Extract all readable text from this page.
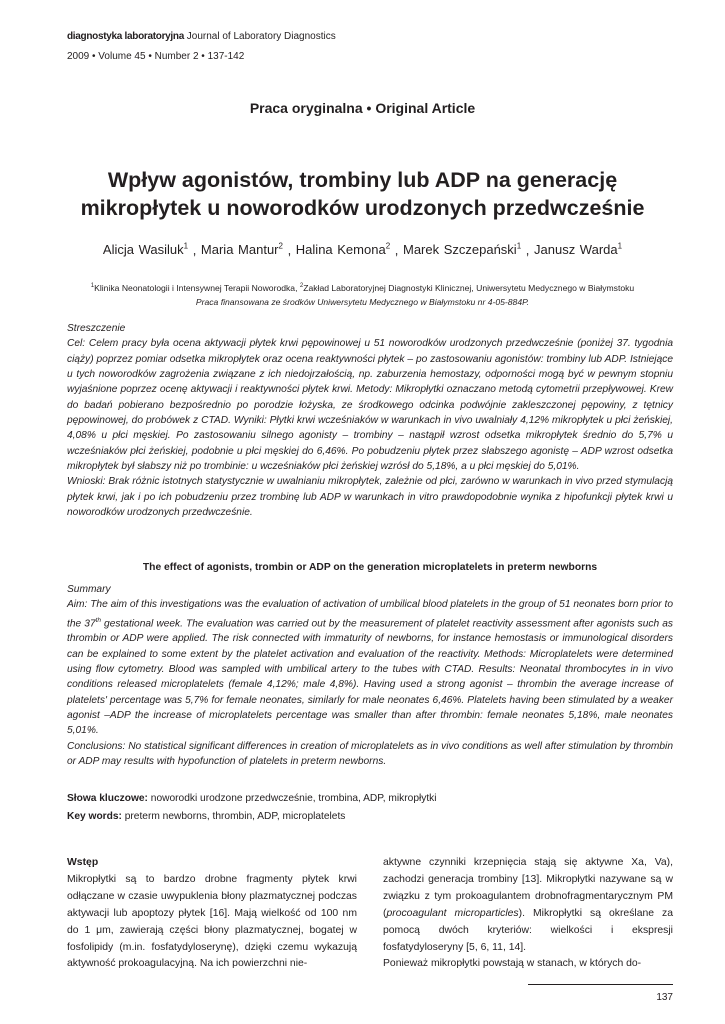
diagnostyka laboratoryjna Journal of Laboratory Diagnostics
2009 • Volume 45 • Number 2 • 137-142
Praca oryginalna • Original Article
Wpływ agonistów, trombiny lub ADP na generację
mikropłytek u noworodków urodzonych przedwcześnie
Alicja Wasiluk$^1$ , Maria Mantur$^2$ , Halina Kemona$^2$ , Marek Szczepański$^1$ , Janusz Warda$^1$
$^1$Klinika Neonatologii i Intensywnej Terapii Noworodka, $^2$Zakład Laboratoryjnej Diagnostyki Klinicznej, Uniwersytetu Medycznego w Białymstoku
Praca finansowana ze środków Uniwersytetu Medycznego w Białymstoku nr 4-05-884P.
Streszczenie
Cel: Celem pracy była ocena aktywacji płytek krwi pępowinowej u 51 noworodków urodzonych przedwcześnie (poniżej 37. tygodnia ciąży) poprzez pomiar odsetka mikropłytek oraz ocena reaktywności płytek – po zastosowaniu agonistów: trombiny lub ADP. Istniejące u tych noworodków zagrożenia związane z ich niedojrzałością, np. zaburzenia hemostazy, odporności mogą być w pewnym stopniu wyjaśnione poprzez ocenę aktywacji i reaktywności płytek krwi. Metody: Mikropłytki oznaczano metodą cytometrii przepływowej. Krew do badań pobierano bezpośrednio po porodzie łożyska, ze środkowego odcinka podwójnie zakleszczonej pępowiny, z tętnicy pępowinowej, do probówek z CTAD. Wyniki: Płytki krwi wcześniaków w warunkach in vivo uwalniały 4,12% mikropłytek u płci żeńskiej, 4,08% u płci męskiej. Po zastosowaniu silnego agonisty – trombiny – nastąpił wzrost odsetka mikropłytek średnio do 5,7% u wcześniaków płci żeńskiej, podobnie u płci męskiej do 6,46%. Po pobudzeniu płytek przez słabszego agonistę – ADP wzrost odsetka mikropłytek był słabszy niż po trombinie: u wcześniaków płci żeńskiej wzrósł do 5,18%, a u płci męskiej do 5,01%.
Wnioski: Brak różnic istotnych statystycznie w uwalnianiu mikropłytek, zależnie od płci, zarówno w warunkach in vivo przed stymulacją płytek krwi, jak i po ich pobudzeniu przez trombinę lub ADP w warunkach in vitro prawdopodobnie wynika z hipofunkcji płytek krwi u noworodków urodzonych przedwcześnie.
The effect of agonists, trombin or ADP on the generation microplatelets in preterm newborns
Summary
Aim: The aim of this investigations was the evaluation of activation of umbilical blood platelets in the group of 51 neonates born prior to the 37th gestational week. The evaluation was carried out by the measurement of platelet reactivity assessment after agonists such as thrombin or ADP were applied. The risk connected with immaturity of newborns, for instance hemostasis or immunological disorders can be explained to some extent by the platelet activation and evaluation of the reactivity. Methods: Microplatelets were determined using flow cytometry. Blood was sampled with umbilical artery to the tubes with CTAD. Results: Neonatal thrombocytes in in vivo conditions released microplatelets (female 4,12%; male 4,8%). Having used a strong agonist – thrombin the average increase of platelets' percentage was 5,7% for female neonates, similarly for male neonates 6,46%. Platelets having been stimulated by a weaker agonist –ADP the increase of microplatelets percentage was smaller than after thrombin: female neonates 5,18%, male neonates 5,01%.
Conclusions: No statistical significant differences in creation of microplatelets as in vivo conditions as well after stimulation by thrombin or ADP may results with hypofunction of platelets in preterm newborns.
Słowa kluczowe: noworodki urodzone przedwcześnie, trombina, ADP, mikropłytki
Key words: preterm newborns, thrombin, ADP, microplatelets

Wstęp

Mikropłytki są to bardzo drobne fragmenty płytek krwi odłączane w czasie uwypuklenia błony plazmatycznej podczas aktywacji lub apoptozy płytek [16]. Mają wielkość od 100 nm do 1 μm, zawierają części błony plazmatycznej, bogatej w fosfolipidy (m.in. fosfatydyloserynę), dzięki czemu wykazują aktywność prokoagulacyjną. Na ich powierzchni nie-

aktywne czynniki krzepnięcia stają się aktywne Xa, Va), zachodzi generacja trombiny [13]. Mikropłytki nazywane są w związku z tym prokoagulantem drobnofragmentarycznym PM (procoagulant microparticles). Mikropłytki są określane za pomocą dwóch kryteriów: wielkości i ekspresji fosfatydyloseryny [5, 6, 11, 14].

Ponieważ mikropłytki powstają w stanach, w których do-

137
